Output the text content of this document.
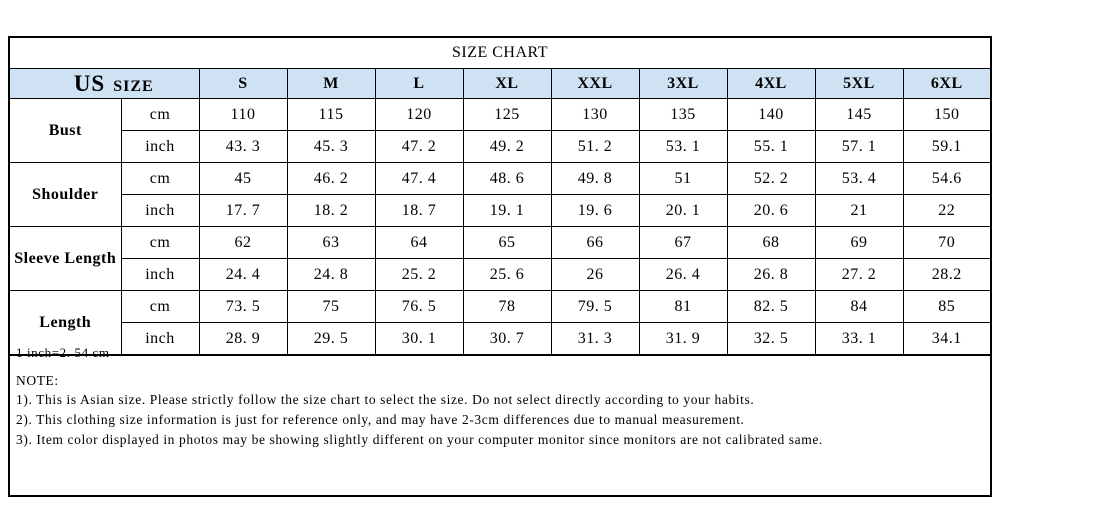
SIZE CHART										
US SIZE		S	M	L	XL	XXL	3XL	4XL	5XL	6XL
Bust	cm	110	115	120	125	130	135	140	145	150
	inch	43. 3	45. 3	47. 2	49. 2	51. 2	53. 1	55. 1	57. 1	59.1
Shoulder	cm	45	46. 2	47. 4	48. 6	49. 8	51	52. 2	53. 4	54.6
	inch	17. 7	18. 2	18. 7	19. 1	19. 6	20. 1	20. 6	21	22
Sleeve Length	cm	62	63	64	65	66	67	68	69	70
	inch	24. 4	24. 8	25. 2	25. 6	26	26. 4	26. 8	27. 2	28.2
Length	cm	73. 5	75	76. 5	78	79. 5	81	82. 5	84	85
	inch	28. 9	29. 5	30. 1	30. 7	31. 3	31. 9	32. 5	33. 1	34.1

1 inch=2. 54 cm

NOTE:

1). This is Asian size. Please strictly follow the size chart to select the size. Do not select directly according to your habits.

2). This clothing size information is just for reference only, and may have 2-3cm differences due to manual measurement.

3). Item color displayed in photos may be showing slightly different on your computer monitor since monitors are not calibrated same.
